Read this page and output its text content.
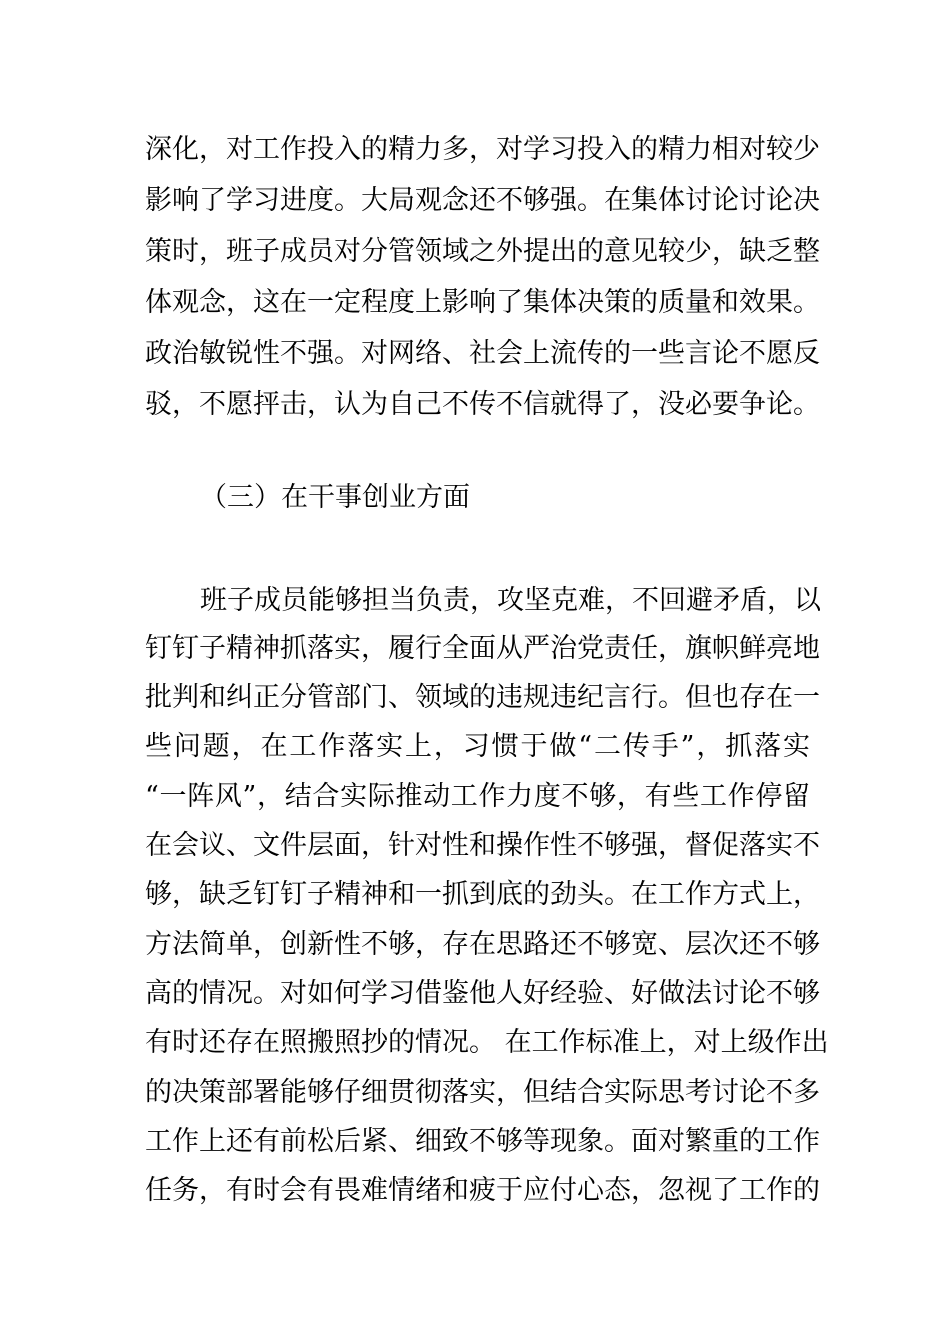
深化，对工作投入的精力多，对学习投入的精力相对较少
影响了学习进度。大局观念还不够强。在集体讨论讨论决
策时，班子成员对分管领域之外提出的意见较少，缺乏整
体观念，这在一定程度上影响了集体决策的质量和效果。
政治敏锐性不强。对网络、社会上流传的一些言论不愿反
驳，不愿抨击，认为自己不传不信就得了，没必要争论。
（三）在干事创业方面
班子成员能够担当负责，攻坚克难，不回避矛盾，以
钉钉子精神抓落实，履行全面从严治党责任，旗帜鲜亮地
批判和纠正分管部门、领域的违规违纪言行。但也存在一
些问题，在工作落实上，习惯于做“二传手”，抓落实
“一阵风”，结合实际推动工作力度不够，有些工作停留
在会议、文件层面，针对性和操作性不够强，督促落实不
够，缺乏钉钉子精神和一抓到底的劲头。在工作方式上，
方法简单，创新性不够，存在思路还不够宽、层次还不够
高的情况。对如何学习借鉴他人好经验、好做法讨论不够
有时还存在照搬照抄的情况。 在工作标准上，对上级作出
的决策部署能够仔细贯彻落实，但结合实际思考讨论不多
工作上还有前松后紧、细致不够等现象。面对繁重的工作
任务，有时会有畏难情绪和疲于应付心态，忽视了工作的
